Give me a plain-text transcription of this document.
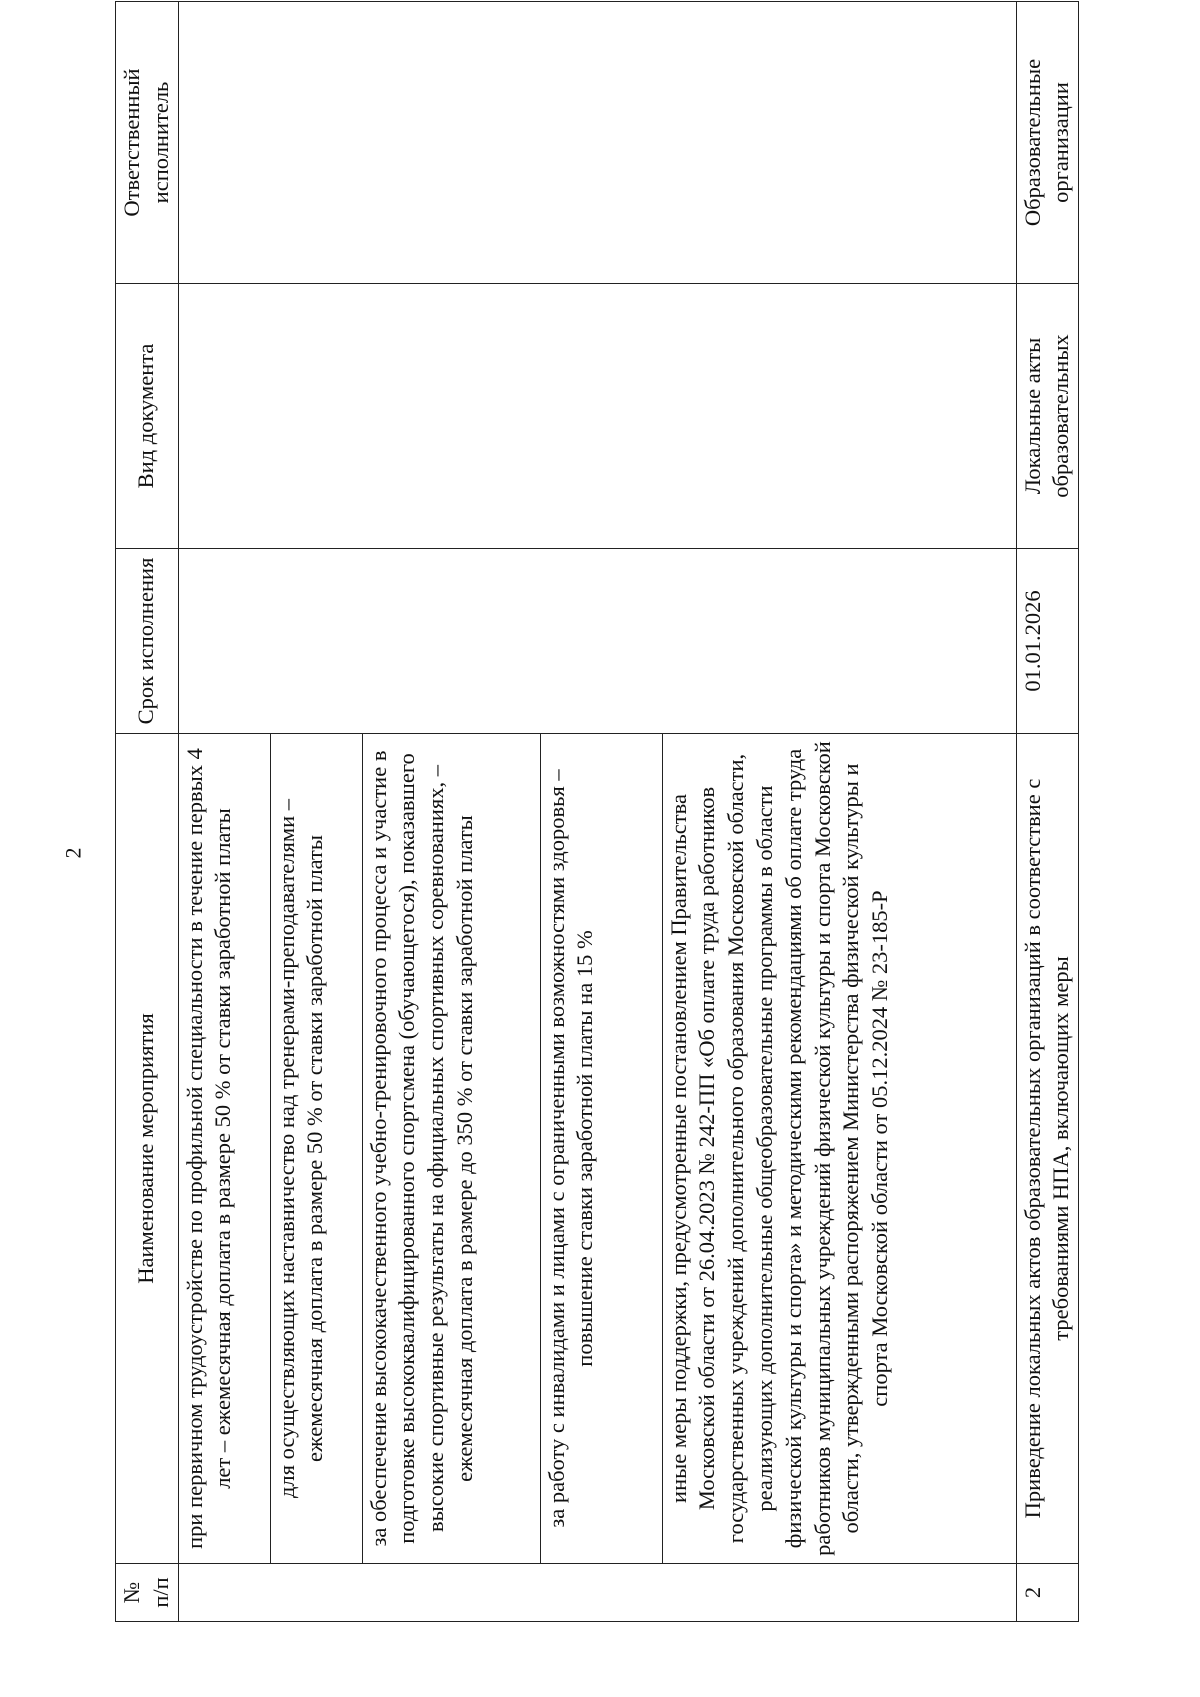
2
№ п/п	Наименование мероприятия	Срок исполнения	Вид документа	Ответственный исполнитель
	при первичном трудоустройстве по профильной специальности в течение первых 4 лет – ежемесячная доплата в размере 50 % от ставки заработной платы			
	для осуществляющих наставничество над тренерами-преподавателями – ежемесячная доплата в размере 50 % от ставки заработной платы			
	за обеспечение высококачественного учебно-тренировочного процесса и участие в подготовке высококвалифицированного спортсмена (обучающегося), показавшего высокие спортивные результаты на официальных спортивных соревнованиях, – ежемесячная доплата в размере до 350 % от ставки заработной платы			
	за работу с инвалидами и лицами с ограниченными возможностями здоровья – повышение ставки заработной платы на 15 %			
	иные меры поддержки, предусмотренные постановлением Правительства Московской области от 26.04.2023 № 242-ПП «Об оплате труда работников государственных учреждений дополнительного образования Московской области, реализующих дополнительные общеобразовательные программы в области физической культуры и спорта» и методическими рекомендациями об оплате труда работников муниципальных учреждений физической культуры и спорта Московской области, утвержденными распоряжением Министерства физической культуры и спорта Московской области от 05.12.2024 № 23-185-Р			
2	Приведение локальных актов образовательных организаций в соответствие с требованиями НПА, включающих меры	01.01.2026	Локальные акты образовательных	Образовательные организации
